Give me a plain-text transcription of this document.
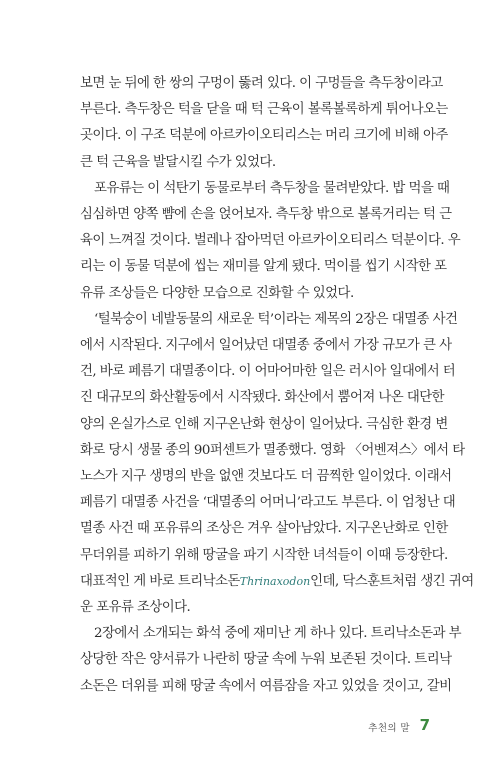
보면 눈 뒤에 한 쌍의 구멍이 뚫려 있다. 이 구멍들을 측두창이라고
부른다. 측두창은 턱을 닫을 때 턱 근육이 볼록볼록하게 튀어나오는
곳이다. 이 구조 덕분에 아르카이오티리스는 머리 크기에 비해 아주
큰 턱 근육을 발달시킬 수가 있었다.
포유류는 이 석탄기 동물로부터 측두창을 물려받았다. 밥 먹을 때
심심하면 양쪽 뺨에 손을 얹어보자. 측두창 밖으로 볼록거리는 턱 근
육이 느껴질 것이다. 벌레나 잡아먹던 아르카이오티리스 덕분이다. 우
리는 이 동물 덕분에 씹는 재미를 알게 됐다. 먹이를 씹기 시작한 포
유류 조상들은 다양한 모습으로 진화할 수 있었다.
‘털북숭이 네발동물의 새로운 턱’이라는 제목의 2장은 대멸종 사건
에서 시작된다. 지구에서 일어났던 대멸종 중에서 가장 규모가 큰 사
건, 바로 페름기 대멸종이다. 이 어마어마한 일은 러시아 일대에서 터
진 대규모의 화산활동에서 시작됐다. 화산에서 뿜어져 나온 대단한
양의 온실가스로 인해 지구온난화 현상이 일어났다. 극심한 환경 변
화로 당시 생물 종의 90퍼센트가 멸종했다. 영화 〈어벤져스〉에서 타
노스가 지구 생명의 반을 없앤 것보다도 더 끔찍한 일이었다. 이래서
페름기 대멸종 사건을 ‘대멸종의 어머니’라고도 부른다. 이 엄청난 대
멸종 사건 때 포유류의 조상은 겨우 살아남았다. 지구온난화로 인한
무더위를 피하기 위해 땅굴을 파기 시작한 녀석들이 이때 등장한다.
대표적인 게 바로 트리낙소돈Thrinaxodon인데, 닥스훈트처럼 생긴 귀여
운 포유류 조상이다.
2장에서 소개되는 화석 중에 재미난 게 하나 있다. 트리낙소돈과 부
상당한 작은 양서류가 나란히 땅굴 속에 누워 보존된 것이다. 트리낙
소돈은 더위를 피해 땅굴 속에서 여름잠을 자고 있었을 것이고, 갈비
추천의 말 7
